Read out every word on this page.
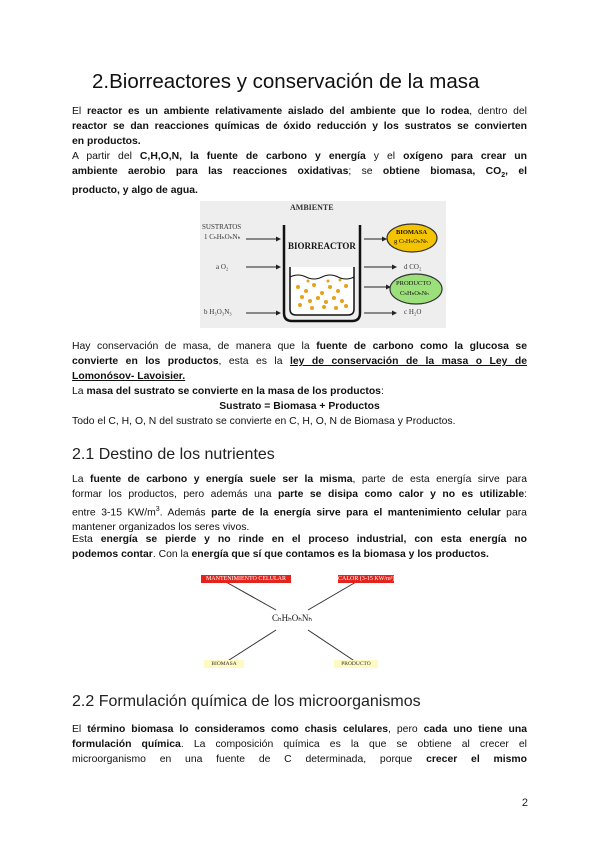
2.Biorreactores y conservación de la masa
El reactor es un ambiente relativamente aislado del ambiente que lo rodea, dentro del
reactor se dan reacciones químicas de óxido reducción y los sustratos se convierten
en productos.
A partir del C,H,O,N, la fuente de carbono y energía y el oxígeno para crear un
ambiente aerobio para las reacciones oxidativas; se obtiene biomasa, $CO_2$, el
producto, y algo de agua.
AMBIENTE
SUSTRATOS
1 CₕHₕOₕNₕ
a O₂
b H₃O₃N₃
BIORREACTOR
BIOMASA
g CₕHₕOₕNₕ
d CO₂
PRODUCTO
CₕHₕOₕNₕ
c H₂O
Hay conservación de masa, de manera que la fuente de carbono como la glucosa se
convierte en los productos, esta es la ley de conservación de la masa o Ley de
Lomonósov- Lavoisier.
La masa del sustrato se convierte en la masa de los productos:
Sustrato = Biomasa + Productos
Todo el C, H, O, N del sustrato se convierte en C, H, O, N de Biomasa y Productos.
2.1 Destino de los nutrientes
La fuente de carbono y energía suele ser la misma, parte de esta energía sirve para
formar los productos, pero además una parte se disipa como calor y no es utilizable:
entre 3-15 $KW/m^3$. Además parte de la energía sirve para el mantenimiento celular para
mantener organizados los seres vivos.
Esta energía se pierde y no rinde en el proceso industrial, con esta energía no
podemos contar. Con la energía que sí que contamos es la biomasa y los productos.
MANTENIMIENTO CELULAR	CALOR (3-15 KW/m³)
CₕHₕOₕNₕ
BIOMASA	PRODUCTO
2.2 Formulación química de los microorganismos
El término biomasa lo consideramos como chasis celulares, pero cada uno tiene una
formulación química. La composición química es la que se obtiene al crecer el
microorganismo en una fuente de C determinada, porque crecer el mismo
2
